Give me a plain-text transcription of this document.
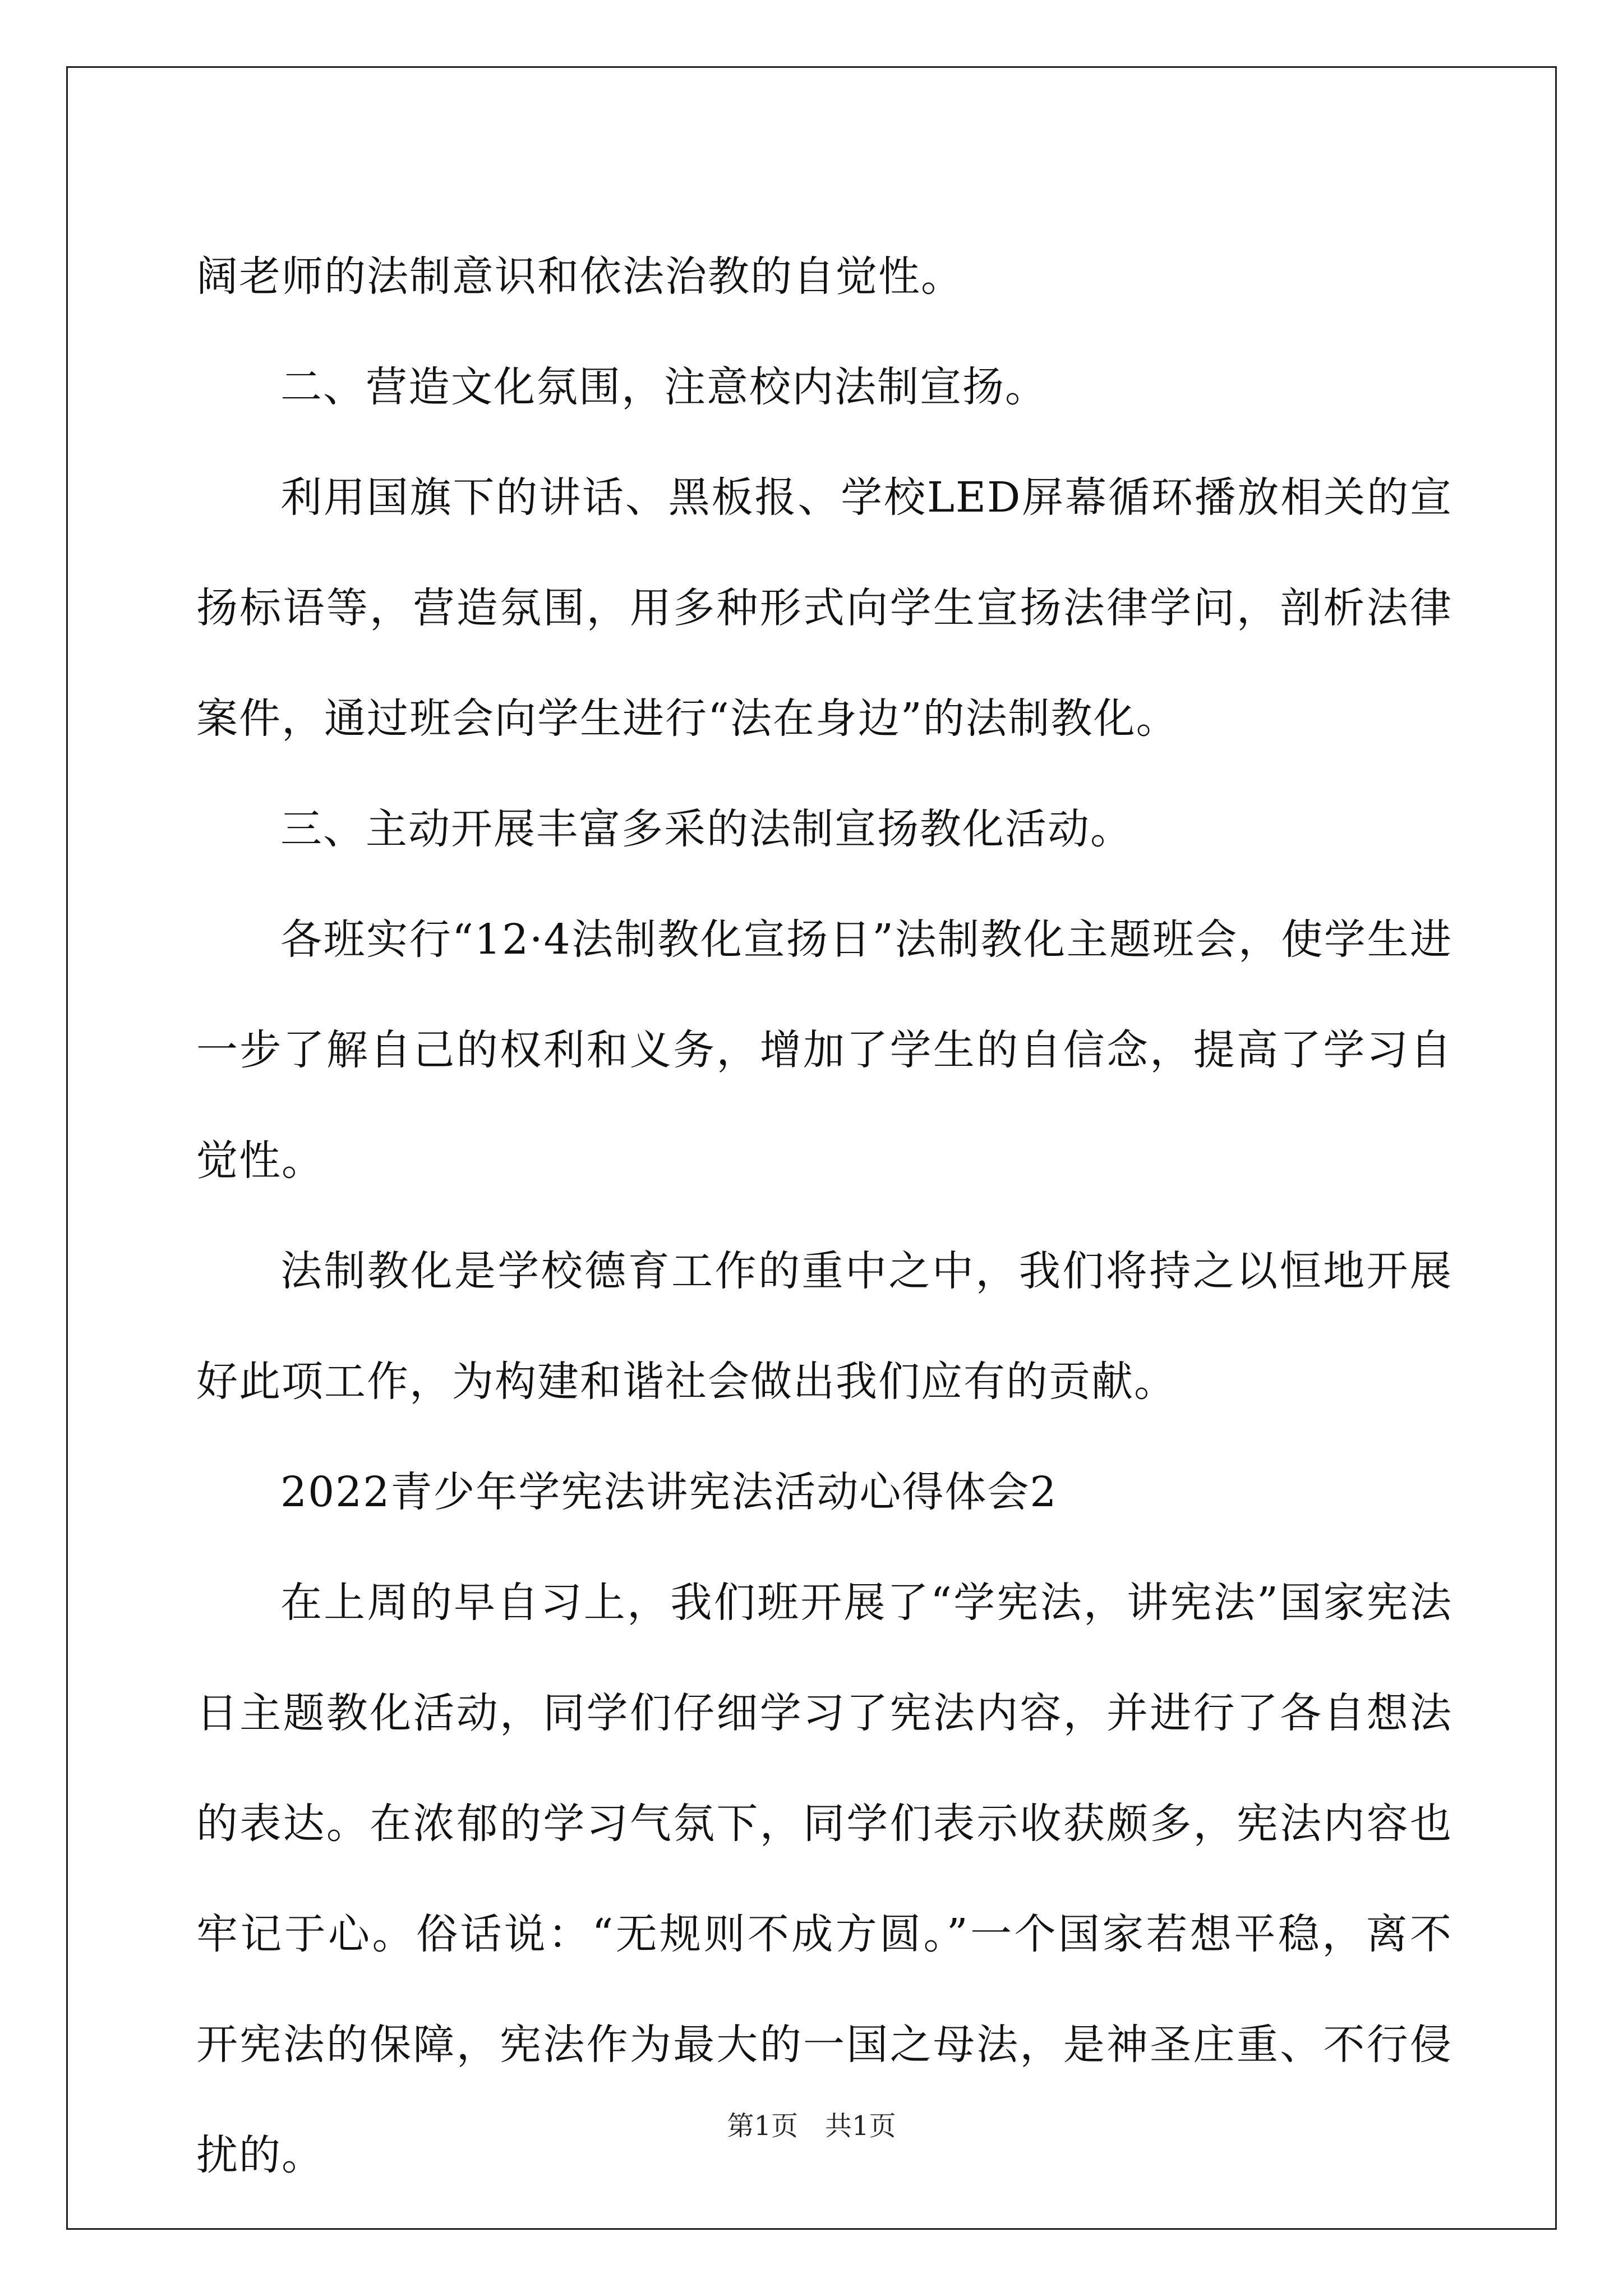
阔老师的法制意识和依法治教的自觉性。

二、营造文化氛围，注意校内法制宣扬。

利用国旗下的讲话、黑板报、学校LED屏幕循环播放相关的宣扬标语等，营造氛围，用多种形式向学生宣扬法律学问，剖析法律案件，通过班会向学生进行“法在身边”的法制教化。

三、主动开展丰富多采的法制宣扬教化活动。

各班实行“12·4法制教化宣扬日”法制教化主题班会，使学生进一步了解自己的权利和义务，增加了学生的自信念，提高了学习自觉性。

法制教化是学校德育工作的重中之中，我们将持之以恒地开展好此项工作，为构建和谐社会做出我们应有的贡献。

2022青少年学宪法讲宪法活动心得体会2

在上周的早自习上，我们班开展了“学宪法，讲宪法”国家宪法日主题教化活动，同学们仔细学习了宪法内容，并进行了各自想法的表达。在浓郁的学习气氛下，同学们表示收获颇多，宪法内容也牢记于心。俗话说：“无规则不成方圆。”一个国家若想平稳，离不开宪法的保障，宪法作为最大的一国之母法，是神圣庄重、不行侵扰的。

第1页　共1页
